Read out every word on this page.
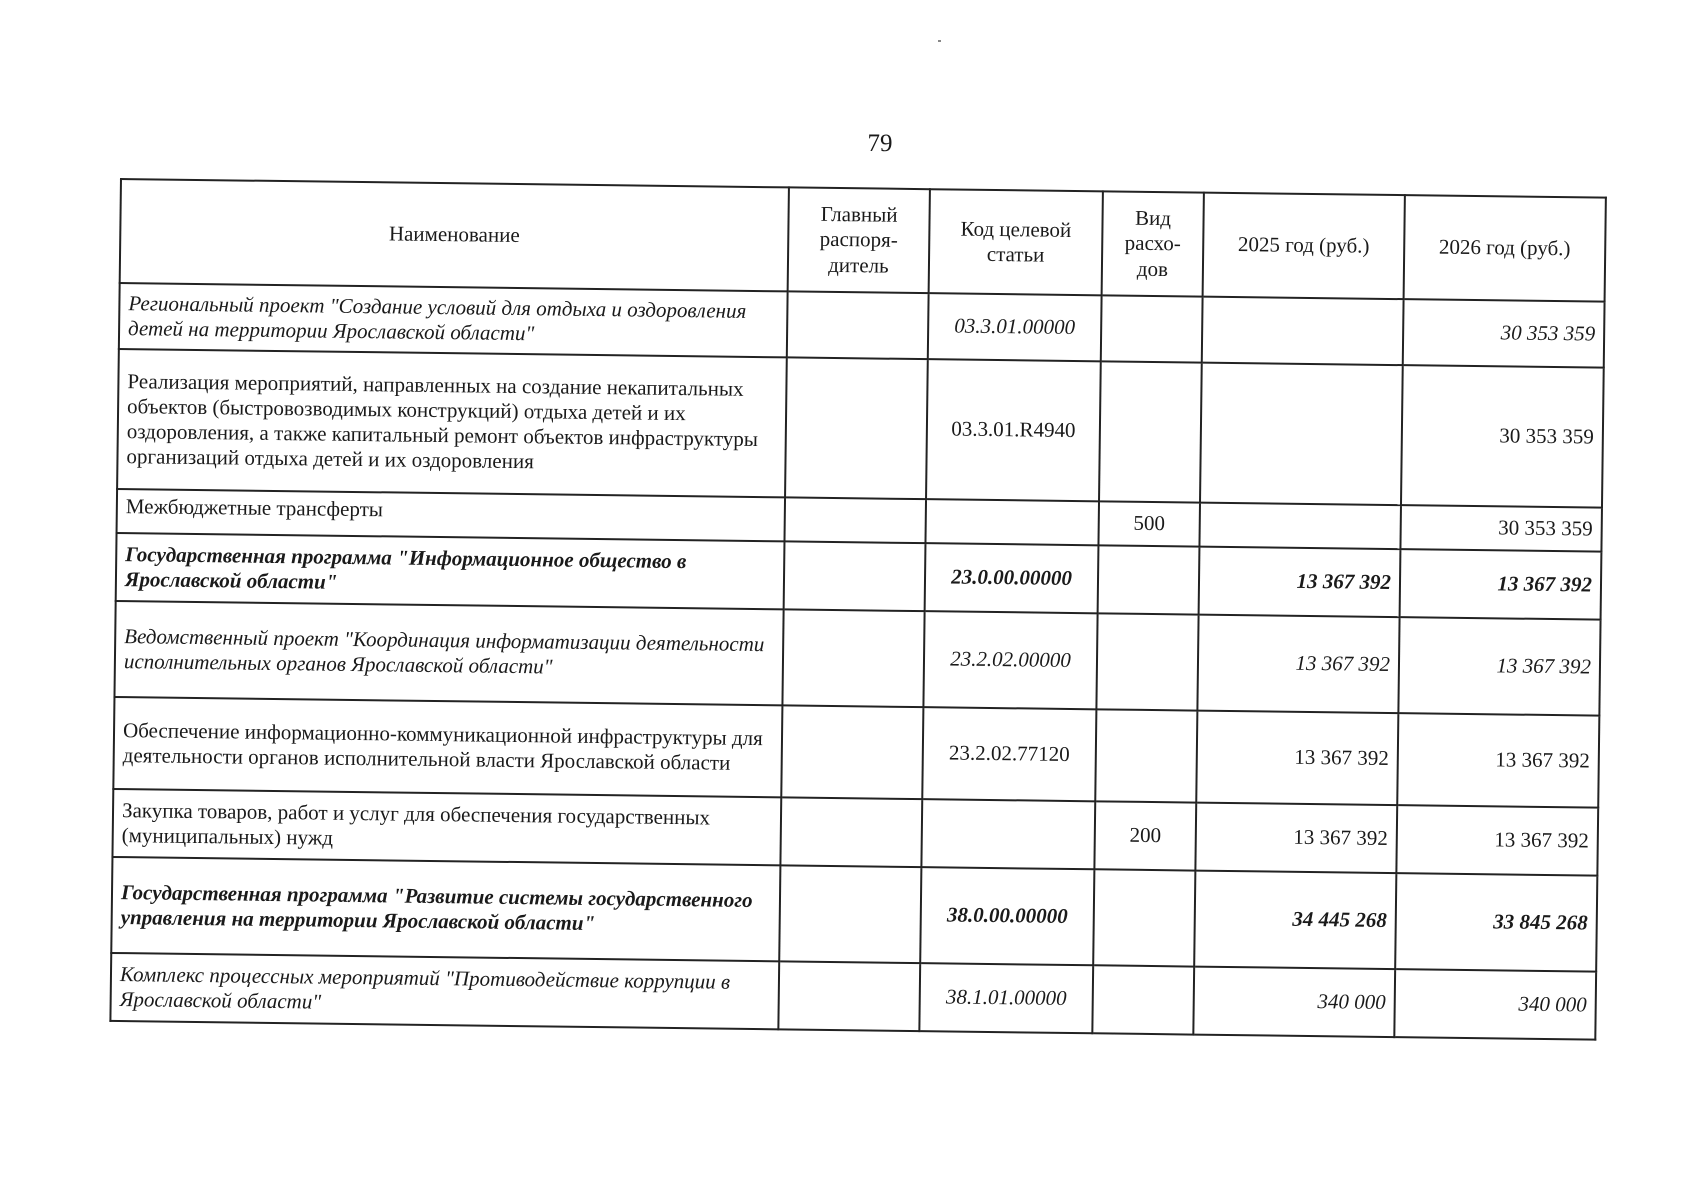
79
Наименование	Главный распоря-дитель	Код целевой статьи	Вид расхо-дов	2025 год (руб.)	2026 год (руб.)
Региональный проект "Создание условий для отдыха и оздоровления детей на территории Ярославской области"		03.3.01.00000			30 353 359
Реализация мероприятий, направленных на создание некапитальных объектов (быстровозводимых конструкций) отдыха детей и их оздоровления, а также капитальный ремонт объектов инфраструктуры организаций отдыха детей и их оздоровления		03.3.01.R4940			30 353 359
Межбюджетные трансферты			500		30 353 359
Государственная программа "Информационное общество в Ярославской области"		23.0.00.00000		13 367 392	13 367 392
Ведомственный проект "Координация информатизации деятельности исполнительных органов Ярославской области"		23.2.02.00000		13 367 392	13 367 392
Обеспечение информационно-коммуникационной инфраструктуры для деятельности органов исполнительной власти Ярославской области		23.2.02.77120		13 367 392	13 367 392
Закупка товаров, работ и услуг для обеспечения государственных (муниципальных) нужд			200	13 367 392	13 367 392
Государственная программа "Развитие системы государственного управления на территории Ярославской области"		38.0.00.00000		34 445 268	33 845 268
Комплекс процессных мероприятий "Противодействие коррупции в Ярославской области"		38.1.01.00000		340 000	340 000
